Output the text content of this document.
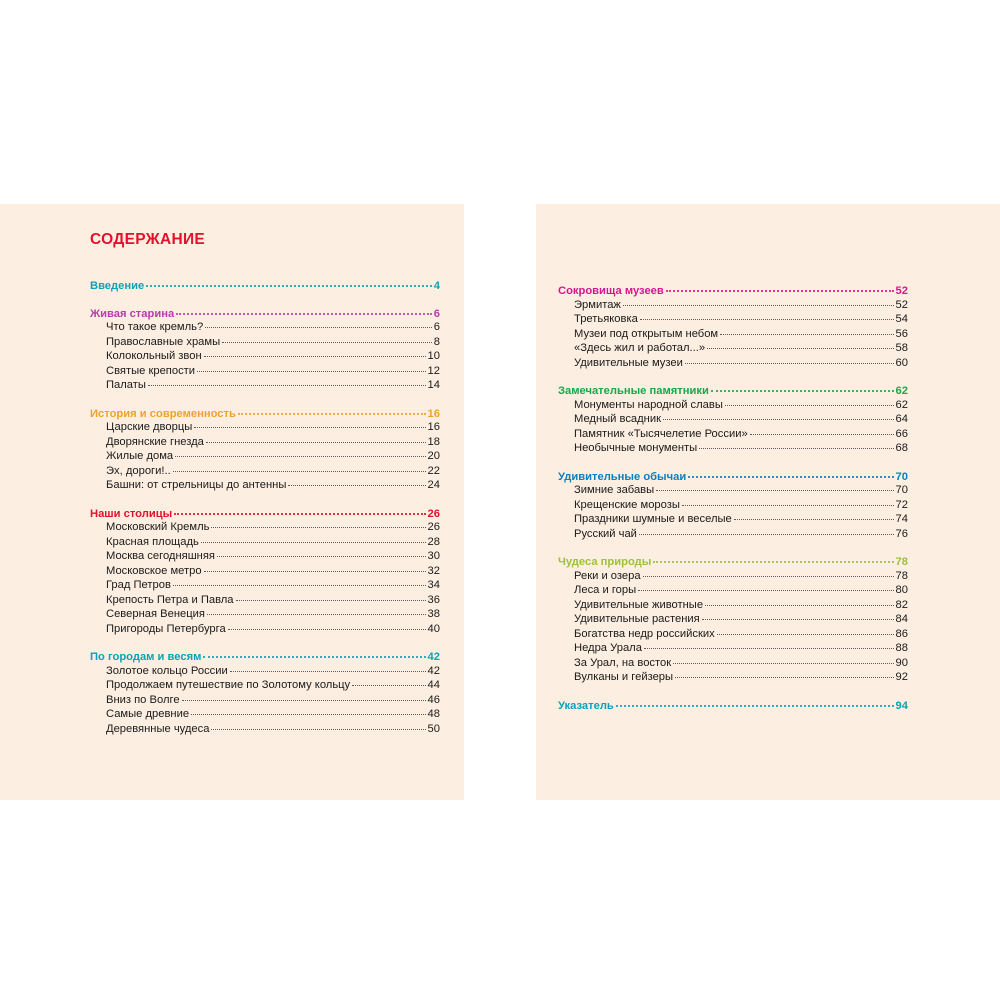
СОДЕРЖАНИЕ
Введение	4
Живая старина	6
Что такое кремль?	6
Православные храмы	8
Колокольный звон	10
Святые крепости	12
Палаты	14
История и современность	16
Царские дворцы	16
Дворянские гнезда	18
Жилые дома	20
Эх, дороги!..	22
Башни: от стрельницы до антенны	24
Наши столицы	26
Московский Кремль	26
Красная площадь	28
Москва сегодняшняя	30
Московское метро	32
Град Петров	34
Крепость Петра и Павла	36
Северная Венеция	38
Пригороды Петербурга	40
По городам и весям	42
Золотое кольцо России	42
Продолжаем путешествие по Золотому кольцу	44
Вниз по Волге	46
Самые древние	48
Деревянные чудеса	50
Сокровища музеев	52
Эрмитаж	52
Третьяковка	54
Музеи под открытым небом	56
«Здесь жил и работал...»	58
Удивительные музеи	60
Замечательные памятники	62
Монументы народной славы	62
Медный всадник	64
Памятник «Тысячелетие России»	66
Необычные монументы	68
Удивительные обычаи	70
Зимние забавы	70
Крещенские морозы	72
Праздники шумные и веселые	74
Русский чай	76
Чудеса природы	78
Реки и озера	78
Леса и горы	80
Удивительные животные	82
Удивительные растения	84
Богатства недр российских	86
Недра Урала	88
За Урал, на восток	90
Вулканы и гейзеры	92
Указатель	94
